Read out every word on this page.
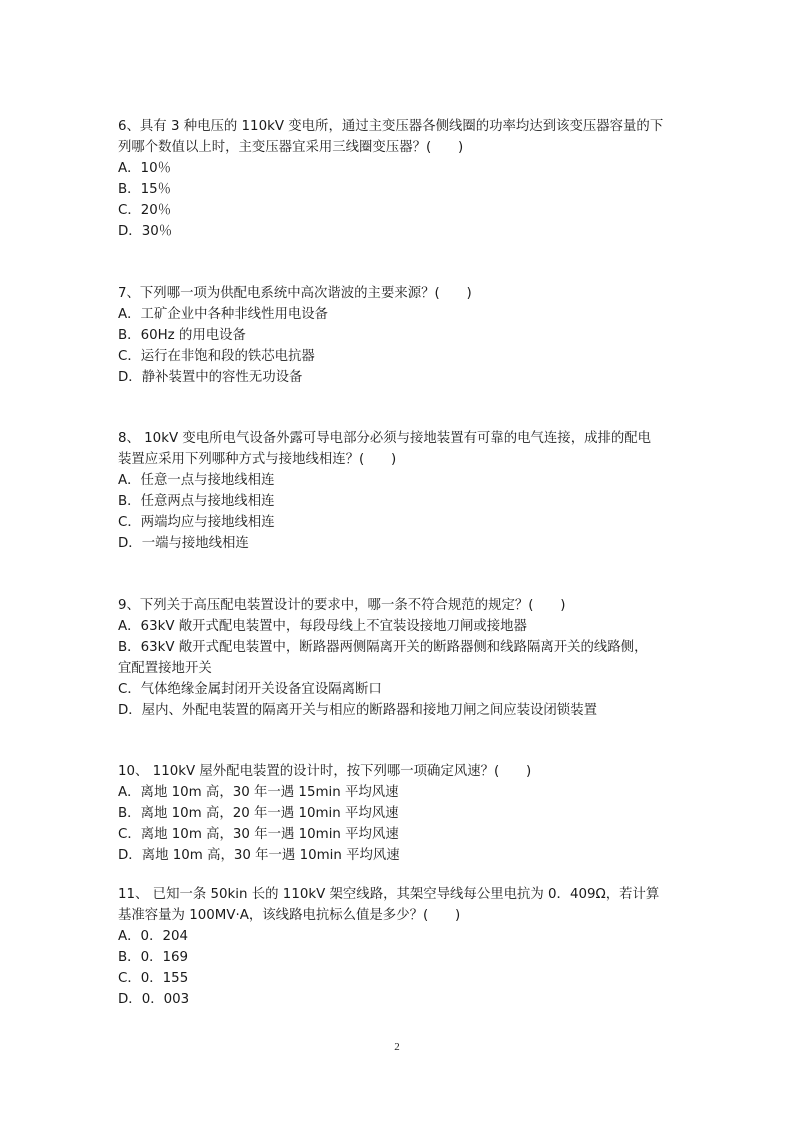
6、具有 3 种电压的 110kV 变电所，通过主变压器各侧线圈的功率均达到该变压器容量的下
列哪个数值以上时，主变压器宜采用三线圈变压器？(　　)
A．10％
B．15％
C．20％
D．30％
7、下列哪一项为供配电系统中高次谐波的主要来源？(　　)
A．工矿企业中各种非线性用电设备
B．60Hz 的用电设备
C．运行在非饱和段的铁芯电抗器
D．静补装置中的容性无功设备
8、 10kV 变电所电气设备外露可导电部分必须与接地装置有可靠的电气连接，成排的配电
装置应采用下列哪种方式与接地线相连？(　　)
A．任意一点与接地线相连
B．任意两点与接地线相连
C．两端均应与接地线相连
D．一端与接地线相连
9、下列关于高压配电装置设计的要求中，哪一条不符合规范的规定？(　　)
A．63kV 敞开式配电装置中，每段母线上不宜装设接地刀闸或接地器
B．63kV 敞开式配电装置中，断路器两侧隔离开关的断路器侧和线路隔离开关的线路侧，
宜配置接地开关
C．气体绝缘金属封闭开关设备宜设隔离断口
D．屋内、外配电装置的隔离开关与相应的断路器和接地刀闸之间应装设闭锁装置
10、 110kV 屋外配电装置的设计时，按下列哪一项确定风速？(　　)
A．离地 10m 高，30 年一遇 15min 平均风速
B．离地 10m 高，20 年一遇 10min 平均风速
C．离地 10m 高，30 年一遇 10min 平均风速
D．离地 10m 高，30 年一遇 10min 平均风速
11、 已知一条 50kin 长的 110kV 架空线路，其架空导线每公里电抗为 0．409Ω，若计算
基准容量为 100MV·A，该线路电抗标么值是多少？(　　)
A．0．204
B．0．169
C．0．155
D．0．003
2
